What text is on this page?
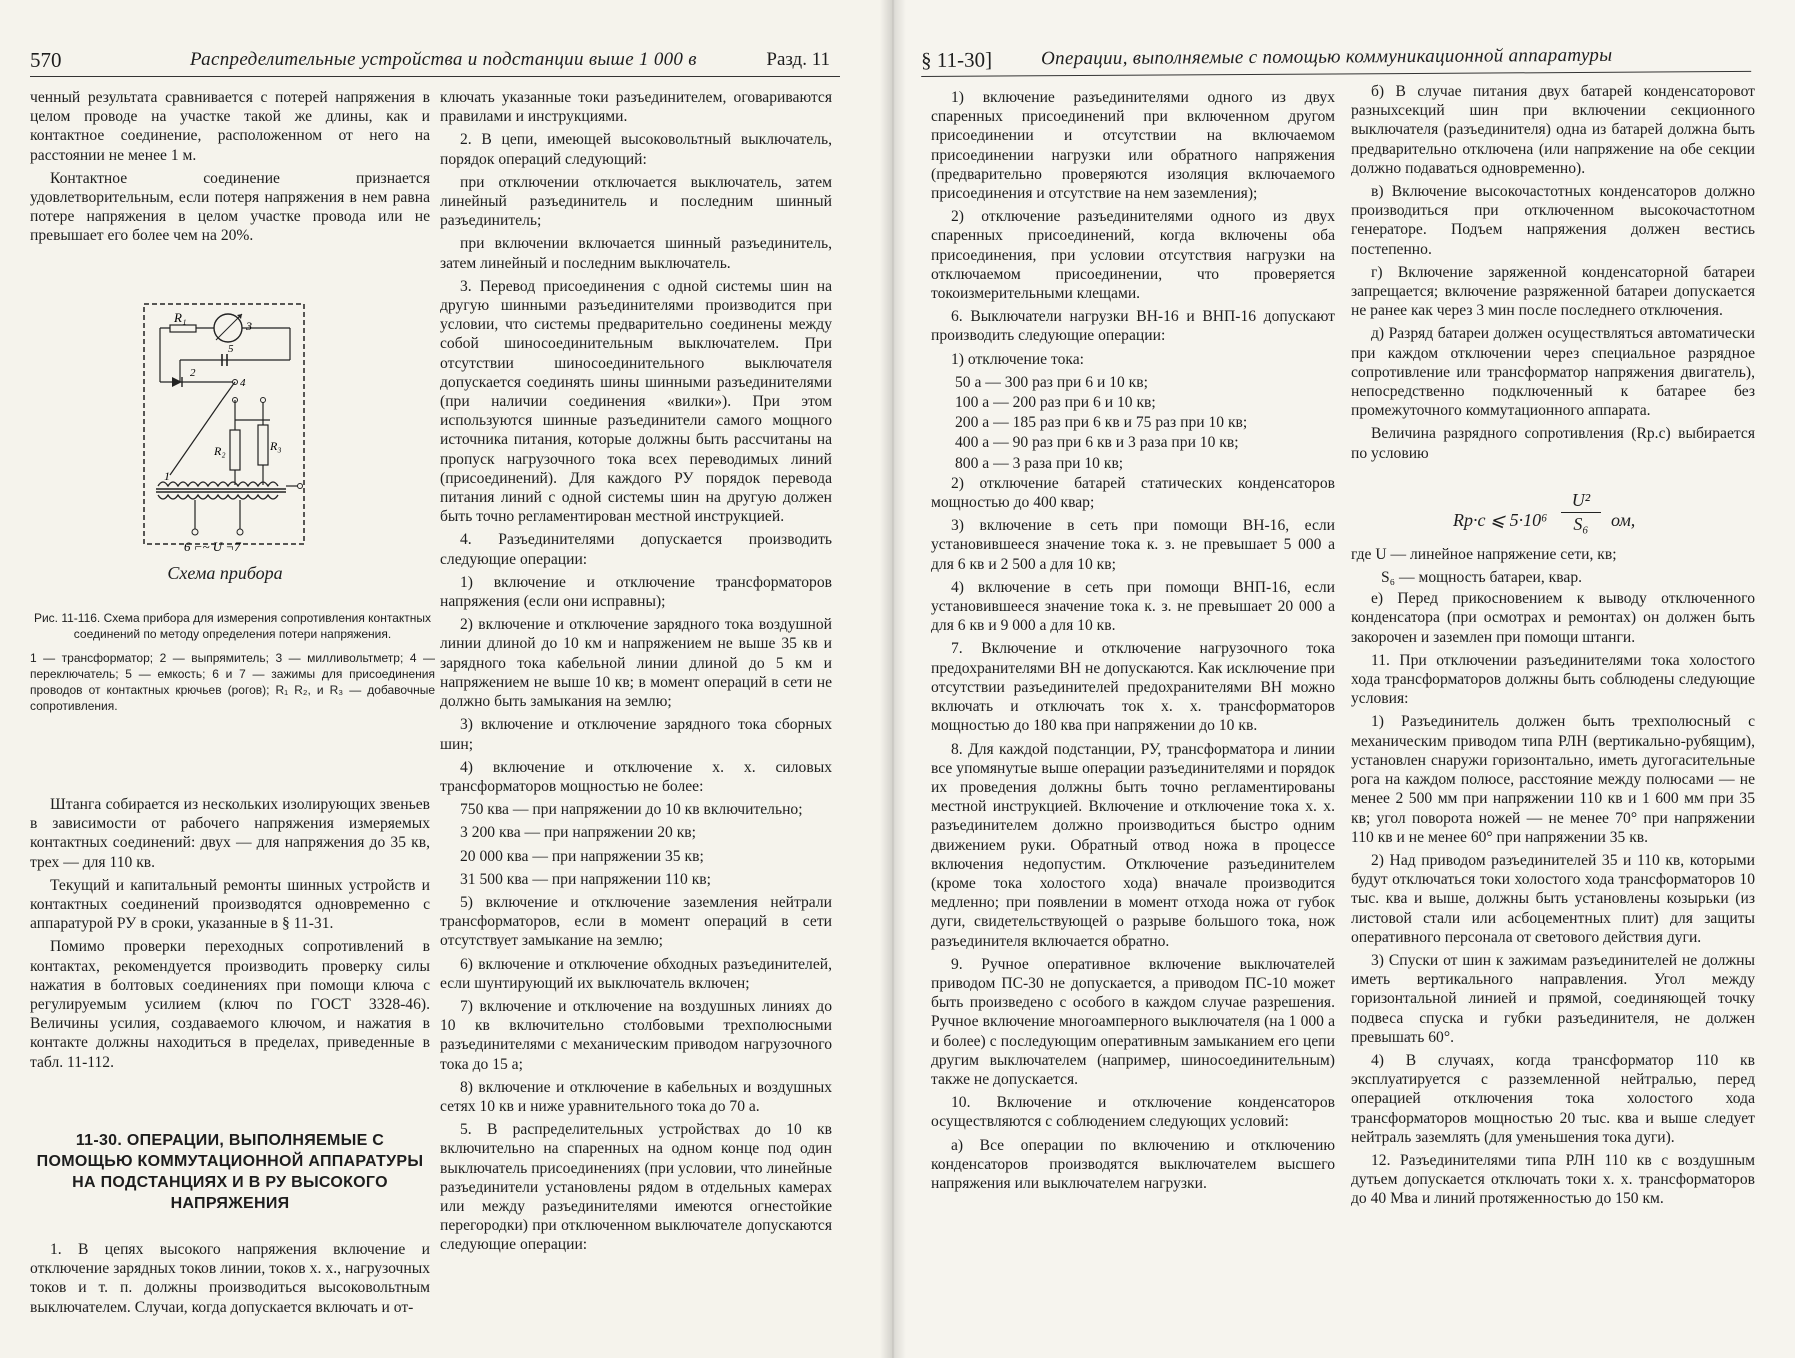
570	Распределительные устройства и подстанции выше 1 000 в	Разд. 11

ченный результата сравнивается с потерей напряжения в целом проводе на участке такой же длины, как и контактное соединение, расположенном от него на расстоянии не менее 1 м.

Контактное соединение признается удовлетворительным, если потеря напряжения в нем равна потере напряжения в целом участке провода или не превышает его более чем на 20%.

R₁
3
5
2
4
R₂	R₃
1
6 ⌐~ U ¬7
Схема прибора

Рис. 11-116. Схема прибора для измерения сопротивления контактных соединений по методу определения потери напряжения.

1 — трансформатор; 2 — выпрямитель; 3 — милливольтметр; 4 — переключатель; 5 — емкость; 6 и 7 — зажимы для присоединения проводов от контактных крючьев (рогов); R₁ R₂, и R₃ — добавочные сопротивления.

Штанга собирается из нескольких изолирующих звеньев в зависимости от рабочего напряжения измеряемых контактных соединений: двух — для напряжения до 35 кв, трех — для 110 кв.

Текущий и капитальный ремонты шинных устройств и контактных соединений производятся одновременно с аппаратурой РУ в сроки, указанные в § 11-31.

Помимо проверки переходных сопротивлений в контактах, рекомендуется производить проверку силы нажатия в болтовых соединениях при помощи ключа с регулируемым усилием (ключ по ГОСТ 3328-46). Величины усилия, создаваемого ключом, и нажатия в контакте должны находиться в пределах, приведенные в табл. 11-112.

11-30. ОПЕРАЦИИ, ВЫПОЛНЯЕМЫЕ С ПОМОЩЬЮ КОММУТАЦИОННОЙ АППАРАТУРЫ НА ПОДСТАНЦИЯХ И В РУ ВЫСОКОГО НАПРЯЖЕНИЯ

1. В цепях высокого напряжения включение и отключение зарядных токов линии, токов х. х., нагрузочных токов и т. п. должны производиться высоковольтным выключателем. Случаи, когда допускается включать и от-

ключать указанные токи разъединителем, оговариваются правилами и инструкциями.

2. В цепи, имеющей высоковольтный выключатель, порядок операций следующий:

при отключении отключается выключатель, затем линейный разъединитель и последним шинный разъединитель;

при включении включается шинный разъединитель, затем линейный и последним выключатель.

3. Перевод присоединения с одной системы шин на другую шинными разъединителями производится при условии, что системы предварительно соединены между собой шиносоединительным выключателем. При отсутствии шиносоединительного выключателя допускается соединять шины шинными разъединителями (при наличии соединения «вилки»). При этом используются шинные разъединители самого мощного источника питания, которые должны быть рассчитаны на пропуск нагрузочного тока всех переводимых линий (присоединений). Для каждого РУ порядок перевода питания линий с одной системы шин на другую должен быть точно регламентирован местной инструкцией.

4. Разъединителями допускается производить следующие операции:

1) включение и отключение трансформаторов напряжения (если они исправны);

2) включение и отключение зарядного тока воздушной линии длиной до 10 км и напряжением не выше 35 кв и зарядного тока кабельной линии длиной до 5 км и напряжением не выше 10 кв; в момент операций в сети не должно быть замыкания на землю;

3) включение и отключение зарядного тока сборных шин;

4) включение и отключение х. х. силовых трансформаторов мощностью не более:

750 ква — при напряжении до 10 кв включительно;

3 200 ква — при напряжении 20 кв;

20 000 ква — при напряжении 35 кв;

31 500 ква — при напряжении 110 кв;

5) включение и отключение заземления нейтрали трансформаторов, если в момент операций в сети отсутствует замыкание на землю;

6) включение и отключение обходных разъединителей, если шунтирующий их выключатель включен;

7) включение и отключение на воздушных линиях до 10 кв включительно столбовыми трехполюсными разъединителями с механическим приводом нагрузочного тока до 15 а;

8) включение и отключение в кабельных и воздушных сетях 10 кв и ниже уравнительного тока до 70 а.

5. В распределительных устройствах до 10 кв включительно на спаренных на одном конце под один выключатель присоединениях (при условии, что линейные разъединители установлены рядом в отдельных камерах или между разъединителями имеются огнестойкие перегородки) при отключенном выключателе допускаются следующие операции:

§ 11-30]	Операции, выполняемые с помощью коммуникационной аппаратуры

1) включение разъединителями одного из двух спаренных присоединений при включенном другом присоединении и отсутствии на включаемом присоединении нагрузки или обратного напряжения (предварительно проверяются изоляция включаемого присоединения и отсутствие на нем заземления);

2) отключение разъединителями одного из двух спаренных присоединений, когда включены оба присоединения, при условии отсутствия нагрузки на отключаемом присоединении, что проверяется токоизмерительными клещами.

6. Выключатели нагрузки ВН-16 и ВНП-16 допускают производить следующие операции:

1) отключение тока:

50 а — 300 раз при 6 и 10 кв;

100 а — 200 раз при 6 и 10 кв;

200 а — 185 раз при 6 кв и 75 раз при 10 кв;

400 а — 90 раз при 6 кв и 3 раза при 10 кв;

800 а — 3 раза при 10 кв;

2) отключение батарей статических конденсаторов мощностью до 400 квар;

3) включение в сеть при помощи ВН-16, если установившееся значение тока к. з. не превышает 5 000 а для 6 кв и 2 500 а для 10 кв;

4) включение в сеть при помощи ВНП-16, если установившееся значение тока к. з. не превышает 20 000 а для 6 кв и 9 000 а для 10 кв.

7. Включение и отключение нагрузочного тока предохранителями ВН не допускаются. Как исключение при отсутствии разъединителей предохранителями ВН можно включать и отключать ток х. х. трансформаторов мощностью до 180 ква при напряжении до 10 кв.

8. Для каждой подстанции, РУ, трансформатора и линии все упомянутые выше операции разъединителями и порядок их проведения должны быть точно регламентированы местной инструкцией. Включение и отключение тока х. х. разъединителем должно производиться быстро одним движением руки. Обратный отвод ножа в процессе включения недопустим. Отключение разъединителем (кроме тока холостого хода) вначале производится медленно; при появлении в момент отхода ножа от губок дуги, свидетельствующей о разрыве большого тока, нож разъединителя включается обратно.

9. Ручное оперативное включение выключателей приводом ПС-30 не допускается, а приводом ПС-10 может быть произведено с особого в каждом случае разрешения. Ручное включение многоамперного выключателя (на 1 000 а и более) с последующим оперативным замыканием его цепи другим выключателем (например, шиносоединительным) также не допускается.

10. Включение и отключение конденсаторов осуществляются с соблюдением следующих условий:

а) Все операции по включению и отключению конденсаторов производятся выключателем высшего напряжения или выключателем нагрузки.

б) В случае питания двух батарей конденсаторовот разныхсекций шин при включении секционного выключателя (разъединителя) одна из батарей должна быть предварительно отключена (или напряжение на обе секции должно подаваться одновременно).

в) Включение высокочастотных конденсаторов должно производиться при отключенном высокочастотном генераторе. Подъем напряжения должен вестись постепенно.

г) Включение заряженной конденсаторной батареи запрещается; включение разряженной батареи допускается не ранее как через 3 мин после последнего отключения.

д) Разряд батареи должен осуществляться автоматически при каждом отключении через специальное разрядное сопротивление или трансформатор напряжения двигатель), непосредственно подключенный к батарее без промежуточного коммутационного аппарата.

Величина разрядного сопротивления (Rр.с) выбирается по условию

где U — линейное напряжение сети, кв;

S₆ — мощность батареи, квар.

е) Перед прикосновением к выводу отключенного конденсатора (при осмотрах и ремонтах) он должен быть закорочен и заземлен при помощи штанги.

11. При отключении разъединителями тока холостого хода трансформаторов должны быть соблюдены следующие условия:

1) Разъединитель должен быть трехполюсный с механическим приводом типа РЛН (вертикально-рубящим), установлен снаружи горизонтально, иметь дугогасительные рога на каждом полюсе, расстояние между полюсами — не менее 2 500 мм при напряжении 110 кв и 1 600 мм при 35 кв; угол поворота ножей — не менее 70° при напряжении 110 кв и не менее 60° при напряжении 35 кв.

2) Над приводом разъединителей 35 и 110 кв, которыми будут отключаться токи холостого хода трансформаторов 10 тыс. ква и выше, должны быть установлены козырьки (из листовой стали или асбоцементных плит) для защиты оперативного персонала от светового действия дуги.

3) Спуски от шин к зажимам разъединителей не должны иметь вертикального направления. Угол между горизонтальной линией и прямой, соединяющей точку подвеса спуска и губки разъединителя, не должен превышать 60°.

4) В случаях, когда трансформатор 110 кв эксплуатируется с разземленной нейтралью, перед операцией отключения тока холостого хода трансформаторов мощностью 20 тыс. ква и выше следует нейтраль заземлять (для уменьшения тока дуги).

12. Разъединителями типа РЛН 110 кв с воздушным дутьем допускается отключать токи х. х. трансформаторов до 40 Мва и линий протяженностью до 150 км.

Rр·с ⩽ $5\cdot 10^6 \frac{\text{U²}}{\text{S₆}}$ ом,
